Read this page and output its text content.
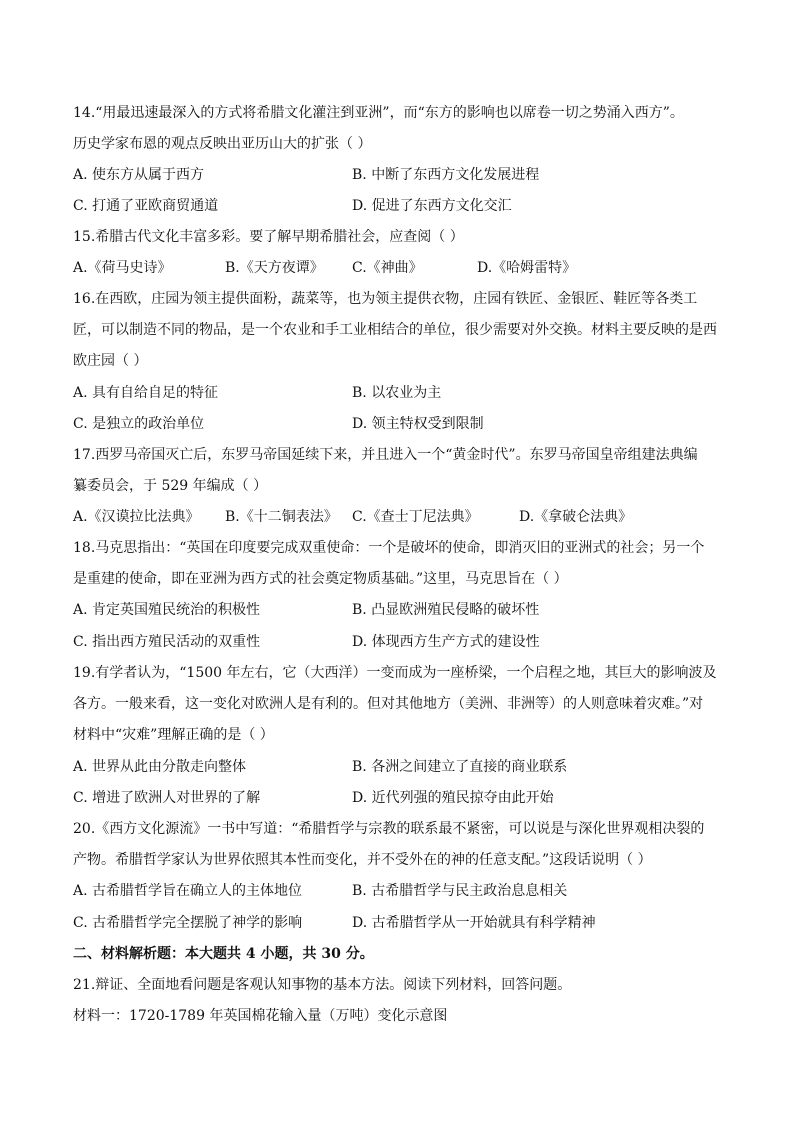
14.“用最迅速最深入的方式将希腊文化灌注到亚洲”，而“东方的影响也以席卷一切之势涌入西方”。
历史学家布恩的观点反映出亚历山大的扩张（ ）
A. 使东方从属于西方	B. 中断了东西方文化发展进程
C. 打通了亚欧商贸通道	D. 促进了东西方文化交汇
15.希腊古代文化丰富多彩。要了解早期希腊社会，应查阅（ ）
A.《荷马史诗》	B.《天方夜谭》 C.《神曲》	D.《哈姆雷特》
16.在西欧，庄园为领主提供面粉，蔬菜等，也为领主提供衣物，庄园有铁匠、金银匠、鞋匠等各类工
匠，可以制造不同的物品，是一个农业和手工业相结合的单位，很少需要对外交换。材料主要反映的是西
欧庄园（ ）
A. 具有自给自足的特征	B. 以农业为主
C. 是独立的政治单位	D. 领主特权受到限制
17.西罗马帝国灭亡后，东罗马帝国延续下来，并且进入一个“黄金时代”。东罗马帝国皇帝组建法典编
纂委员会，于 529 年编成（ ）
A.《汉谟拉比法典》 B.《十二铜表法》 C.《查士丁尼法典》	D.《拿破仑法典》
18.马克思指出：“英国在印度要完成双重使命：一个是破坏的使命，即消灭旧的亚洲式的社会；另一个
是重建的使命，即在亚洲为西方式的社会奠定物质基础。”这里，马克思旨在（ ）
A. 肯定英国殖民统治的积极性	B. 凸显欧洲殖民侵略的破坏性
C. 指出西方殖民活动的双重性	D. 体现西方生产方式的建设性
19.有学者认为，“1500 年左右，它（大西洋）一变而成为一座桥梁，一个启程之地，其巨大的影响波及
各方。一般来看，这一变化对欧洲人是有利的。但对其他地方（美洲、非洲等）的人则意味着灾难。”对
材料中“灾难”理解正确的是（ ）
A. 世界从此由分散走向整体	B. 各洲之间建立了直接的商业联系
C. 增进了欧洲人对世界的了解	D. 近代列强的殖民掠夺由此开始
20.《西方文化源流》一书中写道：“希腊哲学与宗教的联系最不紧密，可以说是与深化世界观相决裂的
产物。希腊哲学家认为世界依照其本性而变化，并不受外在的神的任意支配。”这段话说明（ ）
A. 古希腊哲学旨在确立人的主体地位	B. 古希腊哲学与民主政治息息相关
C. 古希腊哲学完全摆脱了神学的影响	D. 古希腊哲学从一开始就具有科学精神
二、材料解析题：本大题共 4 小题，共 30 分。
21.辩证、全面地看问题是客观认知事物的基本方法。阅读下列材料，回答问题。
材料一：1720-1789 年英国棉花输入量（万吨）变化示意图
